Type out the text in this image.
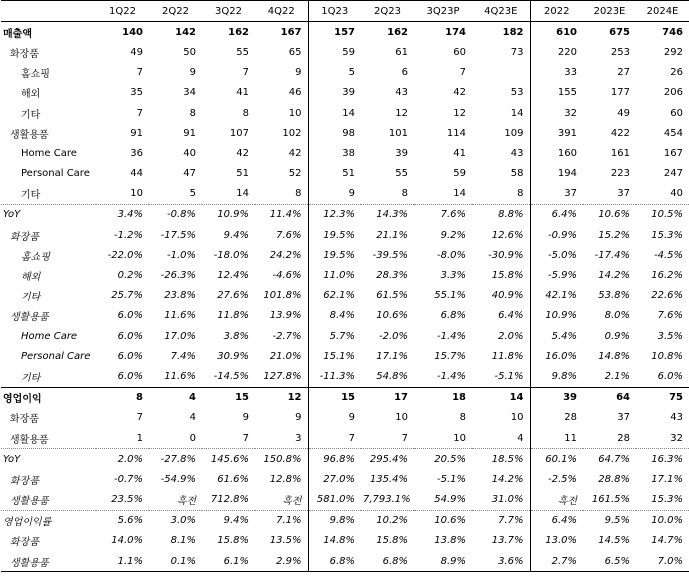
	1Q22	2Q22	3Q22	4Q22	1Q23	2Q23	3Q23P	4Q23E	2022	2023E	2024E
매출액	140	142	162	167	157	162	174	182	610	675	746
화장품	49	50	55	65	59	61	60	73	220	253	292
홈쇼핑	7	9	7	9	5	6	7		33	27	26
해외	35	34	41	46	39	43	42	53	155	177	206
기타	7	8	8	10	14	12	12	14	32	49	60
생활용품	91	91	107	102	98	101	114	109	391	422	454
Home Care	36	40	42	42	38	39	41	43	160	161	167
Personal Care	44	47	51	52	51	55	59	58	194	223	247
기타	10	5	14	8	9	8	14	8	37	37	40
YoY	3.4%	-0.8%	10.9%	11.4%	12.3%	14.3%	7.6%	8.8%	6.4%	10.6%	10.5%
화장품	-1.2%	-17.5%	9.4%	7.6%	19.5%	21.1%	9.2%	12.6%	-0.9%	15.2%	15.3%
홈쇼핑	-22.0%	-1.0%	-18.0%	24.2%	19.5%	-39.5%	-8.0%	-30.9%	-5.0%	-17.4%	-4.5%
해외	0.2%	-26.3%	12.4%	-4.6%	11.0%	28.3%	3.3%	15.8%	-5.9%	14.2%	16.2%
기타	25.7%	23.8%	27.6%	101.8%	62.1%	61.5%	55.1%	40.9%	42.1%	53.8%	22.6%
생활용품	6.0%	11.6%	11.8%	13.9%	8.4%	10.6%	6.8%	6.4%	10.9%	8.0%	7.6%
Home Care	6.0%	17.0%	3.8%	-2.7%	5.7%	-2.0%	-1.4%	2.0%	5.4%	0.9%	3.5%
Personal Care	6.0%	7.4%	30.9%	21.0%	15.1%	17.1%	15.7%	11.8%	16.0%	14.8%	10.8%
기타	6.0%	11.6%	-14.5%	127.8%	-11.3%	54.8%	-1.4%	-5.1%	9.8%	2.1%	6.0%
영업이익	8	4	15	12	15	17	18	14	39	64	75
화장품	7	4	9	9	9	10	8	10	28	37	43
생활용품	1	0	7	3	7	7	10	4	11	28	32
YoY	2.0%	-27.8%	145.6%	150.8%	96.8%	295.4%	20.5%	18.5%	60.1%	64.7%	16.3%
화장품	-0.7%	-54.9%	61.6%	12.8%	27.0%	135.4%	-5.1%	14.2%	-2.5%	28.8%	17.1%
생활용품	23.5%	흑전	712.8%	흑전	581.0%	7,793.1%	54.9%	31.0%	흑전	161.5%	15.3%
영업이익률	5.6%	3.0%	9.4%	7.1%	9.8%	10.2%	10.6%	7.7%	6.4%	9.5%	10.0%
화장품	14.0%	8.1%	15.8%	13.5%	14.8%	15.8%	13.8%	13.7%	13.0%	14.5%	14.7%
생활용품	1.1%	0.1%	6.1%	2.9%	6.8%	6.8%	8.9%	3.6%	2.7%	6.5%	7.0%
